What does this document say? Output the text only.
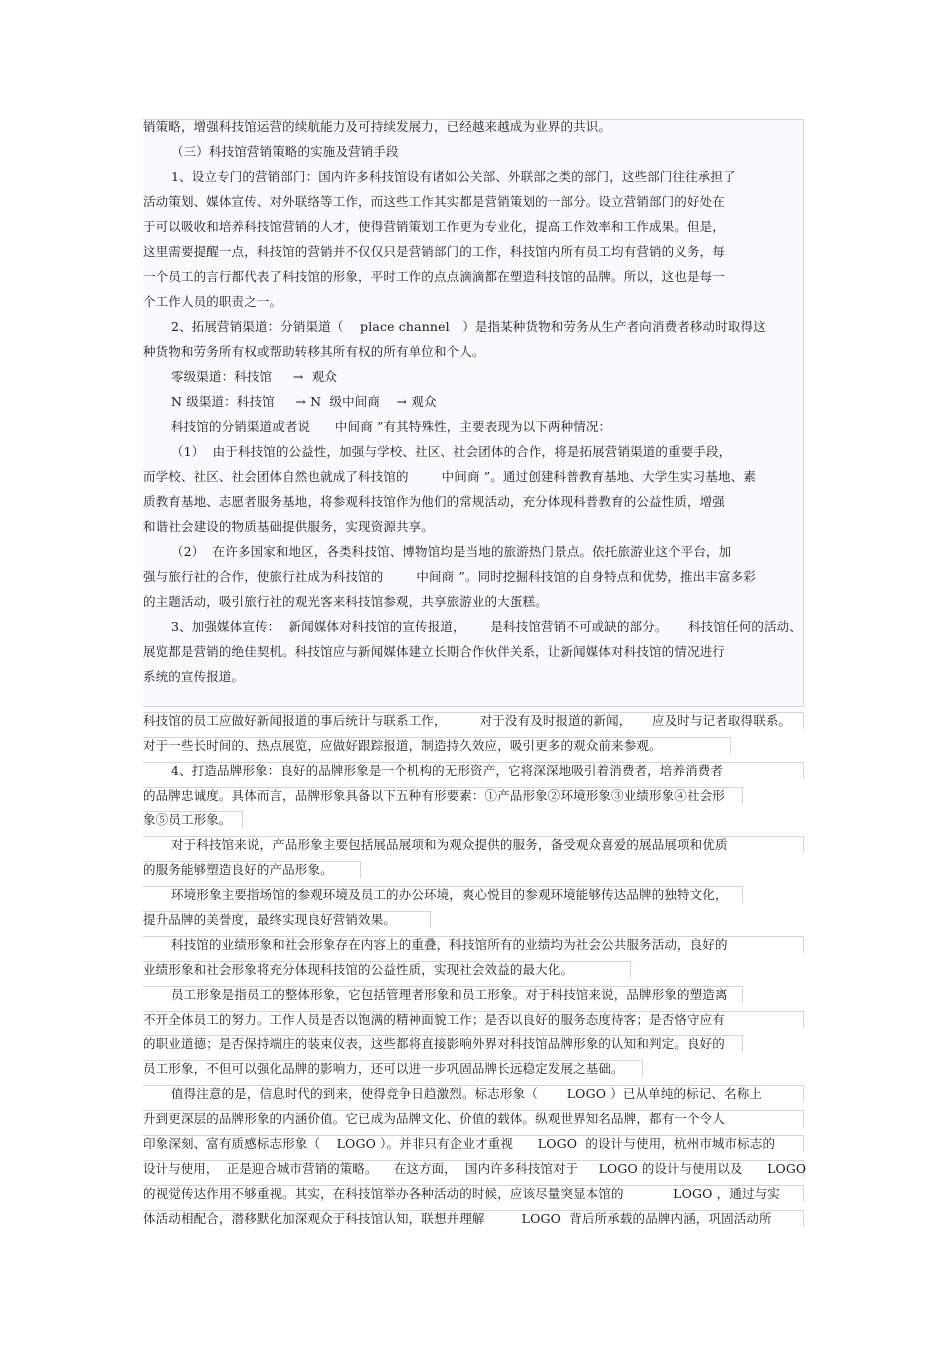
销策略，增强科技馆运营的续航能力及可持续发展力，已经越来越成为业界的共识。
（三）科技馆营销策略的实施及营销手段
1、设立专门的营销部门：国内许多科技馆设有诸如公关部、外联部之类的部门，这些部门往往承担了
活动策划、媒体宣传、对外联络等工作，而这些工作其实都是营销策划的一部分。设立营销部门的好处在
于可以吸收和培养科技馆营销的人才，使得营销策划工作更为专业化，提高工作效率和工作成果。但是，
这里需要提醒一点，科技馆的营销并不仅仅只是营销部门的工作，科技馆内所有员工均有营销的义务，每
一个员工的言行都代表了科技馆的形象，平时工作的点点滴滴都在塑造科技馆的品牌。所以，这也是每一
个工作人员的职责之一。
2、拓展营销渠道：分销渠道（    place channel   ）是指某种货物和劳务从生产者向消费者移动时取得这
种货物和劳务所有权或帮助转移其所有权的所有单位和个人。
零级渠道：科技馆     →  观众
N 级渠道：科技馆     → N  级中间商    → 观众
科技馆的分销渠道或者说      中间商 ”有其特殊性，主要表现为以下两种情况：
（1）  由于科技馆的公益性，加强与学校、社区、社会团体的合作，将是拓展营销渠道的重要手段，
而学校、社区、社会团体自然也就成了科技馆的        中间商 ”。通过创建科普教育基地、大学生实习基地、素
质教育基地、志愿者服务基地，将参观科技馆作为他们的常规活动，充分体现科普教育的公益性质，增强
和谐社会建设的物质基础提供服务，实现资源共享。
（2）  在许多国家和地区，各类科技馆、博物馆均是当地的旅游热门景点。依托旅游业这个平台，加
强与旅行社的合作，使旅行社成为科技馆的        中间商 ”。同时挖掘科技馆的自身特点和优势，推出丰富多彩
的主题活动，吸引旅行社的观光客来科技馆参观，共享旅游业的大蛋糕。
3、加强媒体宣传：  新闻媒体对科技馆的宣传报道，      是科技馆营销不可或缺的部分。     科技馆任何的活动、
展览都是营销的绝佳契机。科技馆应与新闻媒体建立长期合作伙伴关系，让新闻媒体对科技馆的情况进行
系统的宣传报道。
科技馆的员工应做好新闻报道的事后统计与联系工作，        对于没有及时报道的新闻，     应及时与记者取得联系。
对于一些长时间的、热点展览，应做好跟踪报道，制造持久效应，吸引更多的观众前来参观。
4、打造品牌形象：良好的品牌形象是一个机构的无形资产，它将深深地吸引着消费者，培养消费者
的品牌忠诚度。具体而言，品牌形象具备以下五种有形要素：①产品形象②环境形象③业绩形象④社会形
象⑤员工形象。
对于科技馆来说，产品形象主要包括展品展项和为观众提供的服务，备受观众喜爱的展品展项和优质
的服务能够塑造良好的产品形象。
环境形象主要指场馆的参观环境及员工的办公环境，爽心悦目的参观环境能够传达品牌的独特文化，
提升品牌的美誉度，最终实现良好营销效果。
科技馆的业绩形象和社会形象存在内容上的重叠，科技馆所有的业绩均为社会公共服务活动，良好的
业绩形象和社会形象将充分体现科技馆的公益性质，实现社会效益的最大化。
员工形象是指员工的整体形象，它包括管理者形象和员工形象。对于科技馆来说，品牌形象的塑造离
不开全体员工的努力。工作人员是否以饱满的精神面貌工作；是否以良好的服务态度待客；是否恪守应有
的职业道德；是否保持端庄的装束仪表，这些都将直接影响外界对科技馆品牌形象的认知和判定。良好的
员工形象，不但可以强化品牌的影响力，还可以进一步巩固品牌长远稳定发展之基础。
值得注意的是，信息时代的到来，使得竞争日趋激烈。标志形象（       LOGO ）已从单纯的标记、名称上
升到更深层的品牌形象的内涵价值。它已成为品牌文化、价值的载体。纵观世界知名品牌，都有一个令人
印象深刻、富有质感标志形象（    LOGO ）。并非只有企业才重视      LOGO  的设计与使用，杭州市城市标志的
设计与使用，  正是迎合城市营销的策略。    在这方面，  国内许多科技馆对于     LOGO 的设计与使用以及      LOGO
的视觉传达作用不够重视。其实，在科技馆举办各种活动的时候，应该尽量突显本馆的            LOGO ，通过与实
体活动相配合，潜移默化加深观众于科技馆认知，联想并理解         LOGO  背后所承载的品牌内涵，巩固活动所
